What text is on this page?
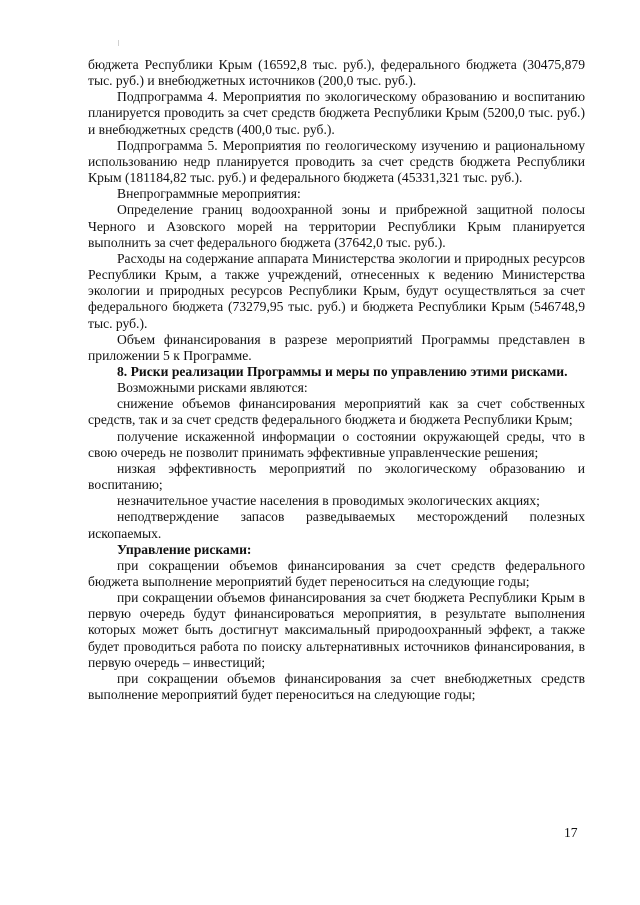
бюджета Республики Крым (16592,8 тыс. руб.), федерального бюджета (30475,879 тыс. руб.) и внебюджетных источников (200,0 тыс. руб.).

Подпрограмма 4. Мероприятия по экологическому образованию и воспитанию планируется проводить за счет средств бюджета Республики Крым (5200,0 тыс. руб.) и внебюджетных средств (400,0 тыс. руб.).

Подпрограмма 5. Мероприятия по геологическому изучению и рациональному использованию недр планируется проводить за счет средств бюджета Республики Крым (181184,82 тыс. руб.) и федерального бюджета (45331,321 тыс. руб.).

Внепрограммные мероприятия:

Определение границ водоохранной зоны и прибрежной защитной полосы Черного и Азовского морей на территории Республики Крым планируется выполнить за счет федерального бюджета (37642,0 тыс. руб.).

Расходы на содержание аппарата Министерства экологии и природных ресурсов Республики Крым, а также учреждений, отнесенных к ведению Министерства экологии и природных ресурсов Республики Крым, будут осуществляться за счет федерального бюджета (73279,95 тыс. руб.) и бюджета Республики Крым (546748,9 тыс. руб.).

Объем финансирования в разрезе мероприятий Программы представлен в приложении 5 к Программе.

8. Риски реализации Программы и меры по управлению этими рисками.

Возможными рисками являются:

снижение объемов финансирования мероприятий как за счет собственных средств, так и за счет средств федерального бюджета и бюджета Республики Крым;

получение искаженной информации о состоянии окружающей среды, что в свою очередь не позволит принимать эффективные управленческие решения;

низкая эффективность мероприятий по экологическому образованию и воспитанию;

незначительное участие населения в проводимых экологических акциях;

неподтверждение запасов разведываемых месторождений полезных ископаемых.

Управление рисками:

при сокращении объемов финансирования за счет средств федерального бюджета выполнение мероприятий будет переноситься на следующие годы;

при сокращении объемов финансирования за счет бюджета Республики Крым в первую очередь будут финансироваться мероприятия, в результате выполнения которых может быть достигнут максимальный природоохранный эффект, а также будет проводиться работа по поиску альтернативных источников финансирования, в первую очередь – инвестиций;

при сокращении объемов финансирования за счет внебюджетных средств выполнение мероприятий будет переноситься на следующие годы;

17
